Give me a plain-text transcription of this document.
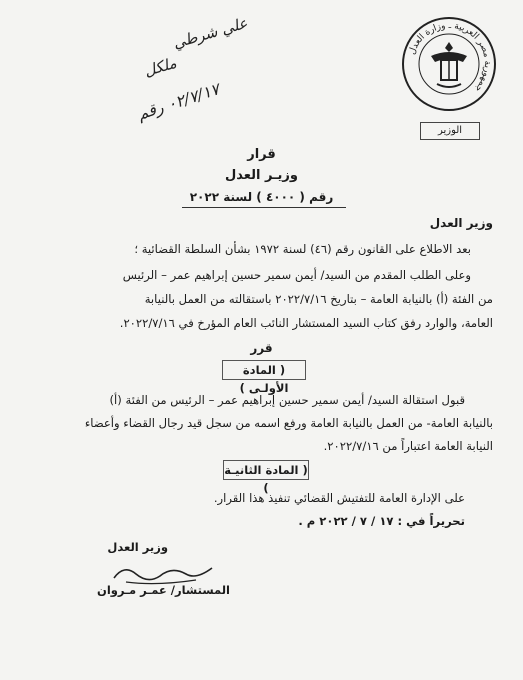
جمهورية مصر العربية ـ وزارة العدل
الوزير
علي شرطي
ملكل
٠٢/٧/١٧ رقم
قرار
وزيـر العدل
رقم ( ٤٠٠٠ ) لسنة ٢٠٢٢
وزير العدل
بعد الاطلاع على القانون رقم (٤٦) لسنة ١٩٧٢ بشأن السلطة القضائية ؛
وعلى الطلب المقدم من السيد/ أيمن سمير حسين إبراهيم عمر – الرئيس
من الفئة (أ) بالنيابة العامة – بتاريخ ٢٠٢٢/٧/١٦ باستقالته من العمل بالنيابة
العامة، والوارد رفق كتاب السيد المستشار النائب العام المؤرخ في ٢٠٢٢/٧/١٦.
قرر
( المادة الأولـى )
قبول استقالة السيد/ أيمن سمير حسين إبراهيم عمر – الرئيس من الفئة (أ)
بالنيابة العامة- من العمل بالنيابة العامة ورفع اسمه من سجل قيد رجال القضاء وأعضاء
النيابة العامة اعتباراً من ٢٠٢٢/٧/١٦.
( المادة الثانيـة )
على الإدارة العامة للتفتيش القضائي تنفيذ هذا القرار.
تحريراً في : ١٧ / ٧ / ٢٠٢٢ م .
وزير العدل
المستشار/ عمـر مـروان
